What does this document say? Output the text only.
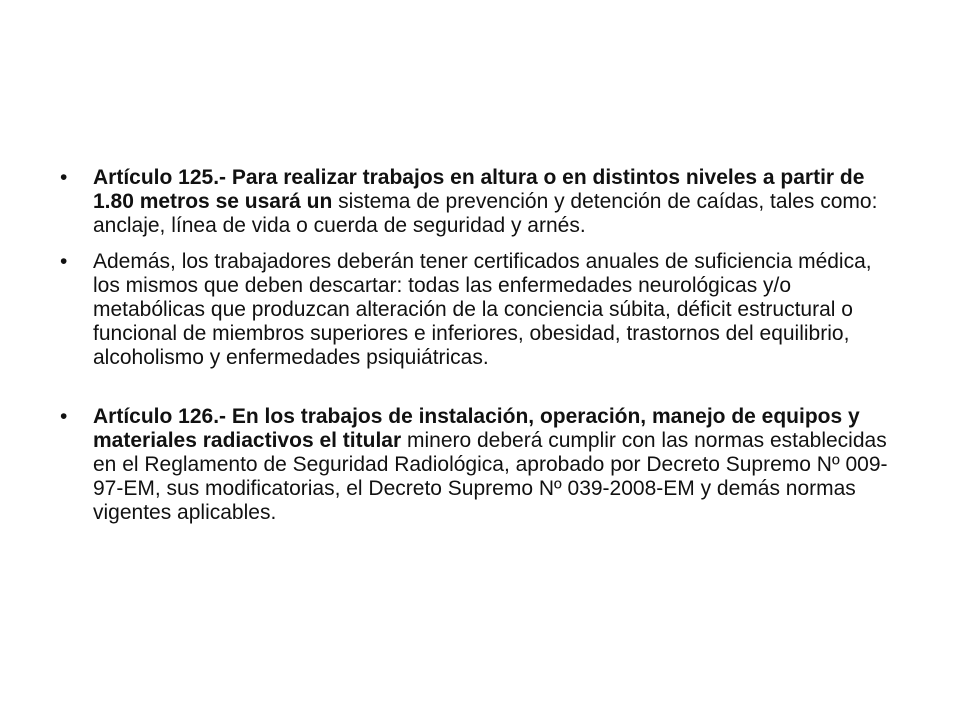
• Artículo 125.- Para realizar trabajos en altura o en distintos niveles a partir de 1.80 metros se usará un sistema de prevención y detención de caídas, tales como: anclaje, línea de vida o cuerda de seguridad y arnés.
• Además, los trabajadores deberán tener certificados anuales de suficiencia médica, los mismos que deben descartar: todas las enfermedades neurológicas y/o metabólicas que produzcan alteración de la conciencia súbita, déficit estructural o funcional de miembros superiores e inferiores, obesidad, trastornos del equilibrio, alcoholismo y enfermedades psiquiátricas.
• Artículo 126.- En los trabajos de instalación, operación, manejo de equipos y materiales radiactivos el titular minero deberá cumplir con las normas establecidas en el Reglamento de Seguridad Radiológica, aprobado por Decreto Supremo Nº 009-97-EM, sus modificatorias, el Decreto Supremo Nº 039-2008-EM y demás normas vigentes aplicables.
